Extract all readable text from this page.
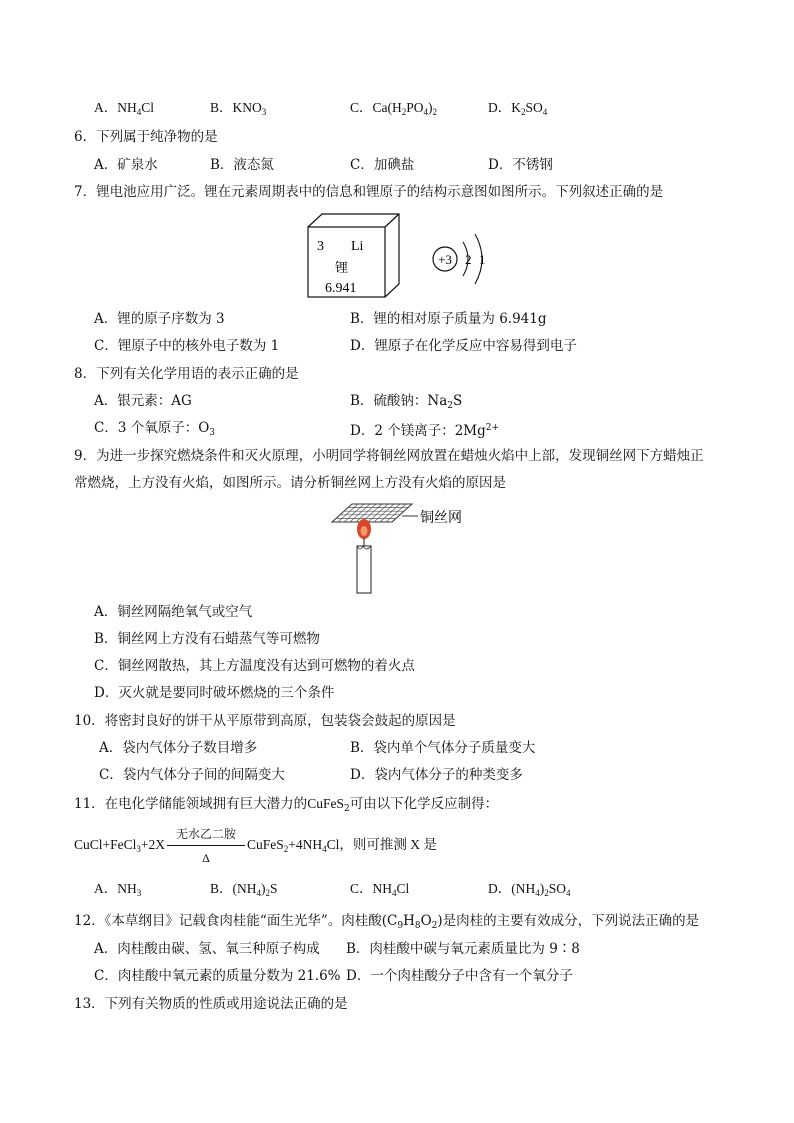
A．$NH_4Cl$	B．$KNO_3$	C．$Ca(H_2PO_4)_2$	D．$K_2SO_4$
6．下列属于纯净物的是
A．矿泉水	B．液态氮	C．加碘盐	D．不锈钢
7．锂电池应用广泛。锂在元素周期表中的信息和锂原子的结构示意图如图所示。下列叙述正确的是
3 Li
锂
6.941
+3 2 1
A．锂的原子序数为 3	B．锂的相对原子质量为 6.941g
C．锂原子中的核外电子数为 1	D．锂原子在化学反应中容易得到电子
8．下列有关化学用语的表示正确的是
A．银元素：AG	B．硫酸钠：$Na_2S$
C．3 个氧原子：$O_3$	D．2 个镁离子：$2Mg^{2+}$
9．为进一步探究燃烧条件和灭火原理，小明同学将铜丝网放置在蜡烛火焰中上部，发现铜丝网下方蜡烛正
常燃烧，上方没有火焰，如图所示。请分析铜丝网上方没有火焰的原因是
铜丝网
A．铜丝网隔绝氧气或空气
B．铜丝网上方没有石蜡蒸气等可燃物
C．铜丝网散热，其上方温度没有达到可燃物的着火点
D．灭火就是要同时破坏燃烧的三个条件
10．将密封良好的饼干从平原带到高原，包装袋会鼓起的原因是
A．袋内气体分子数目增多	B．袋内单个气体分子质量变大
C．袋内气体分子间的间隔变大	D．袋内气体分子的种类变多
11．在电化学储能领域拥有巨大潜力的CuFeS$_2$可由以下化学反应制得：
CuCl+FeCl$_3$+2X
无水乙二胺
Δ
$CuFeS_2+4NH_4Cl$，则可推测 X 是
A．$NH_3$	B．$(NH_4)_2S$	C．$NH_4Cl$	D．$(NH_4)_2SO_4$
12．《本草纲目》记载食肉桂能“面生光华”。肉桂酸$(C_9H_8O_2)$是肉桂的主要有效成分，下列说法正确的是
A．肉桂酸由碳、氢、氧三种原子构成 B．肉桂酸中碳与氧元素质量比为 9∶8
C．肉桂酸中氧元素的质量分数为 21.6% D．一个肉桂酸分子中含有一个氧分子
13．下列有关物质的性质或用途说法正确的是
